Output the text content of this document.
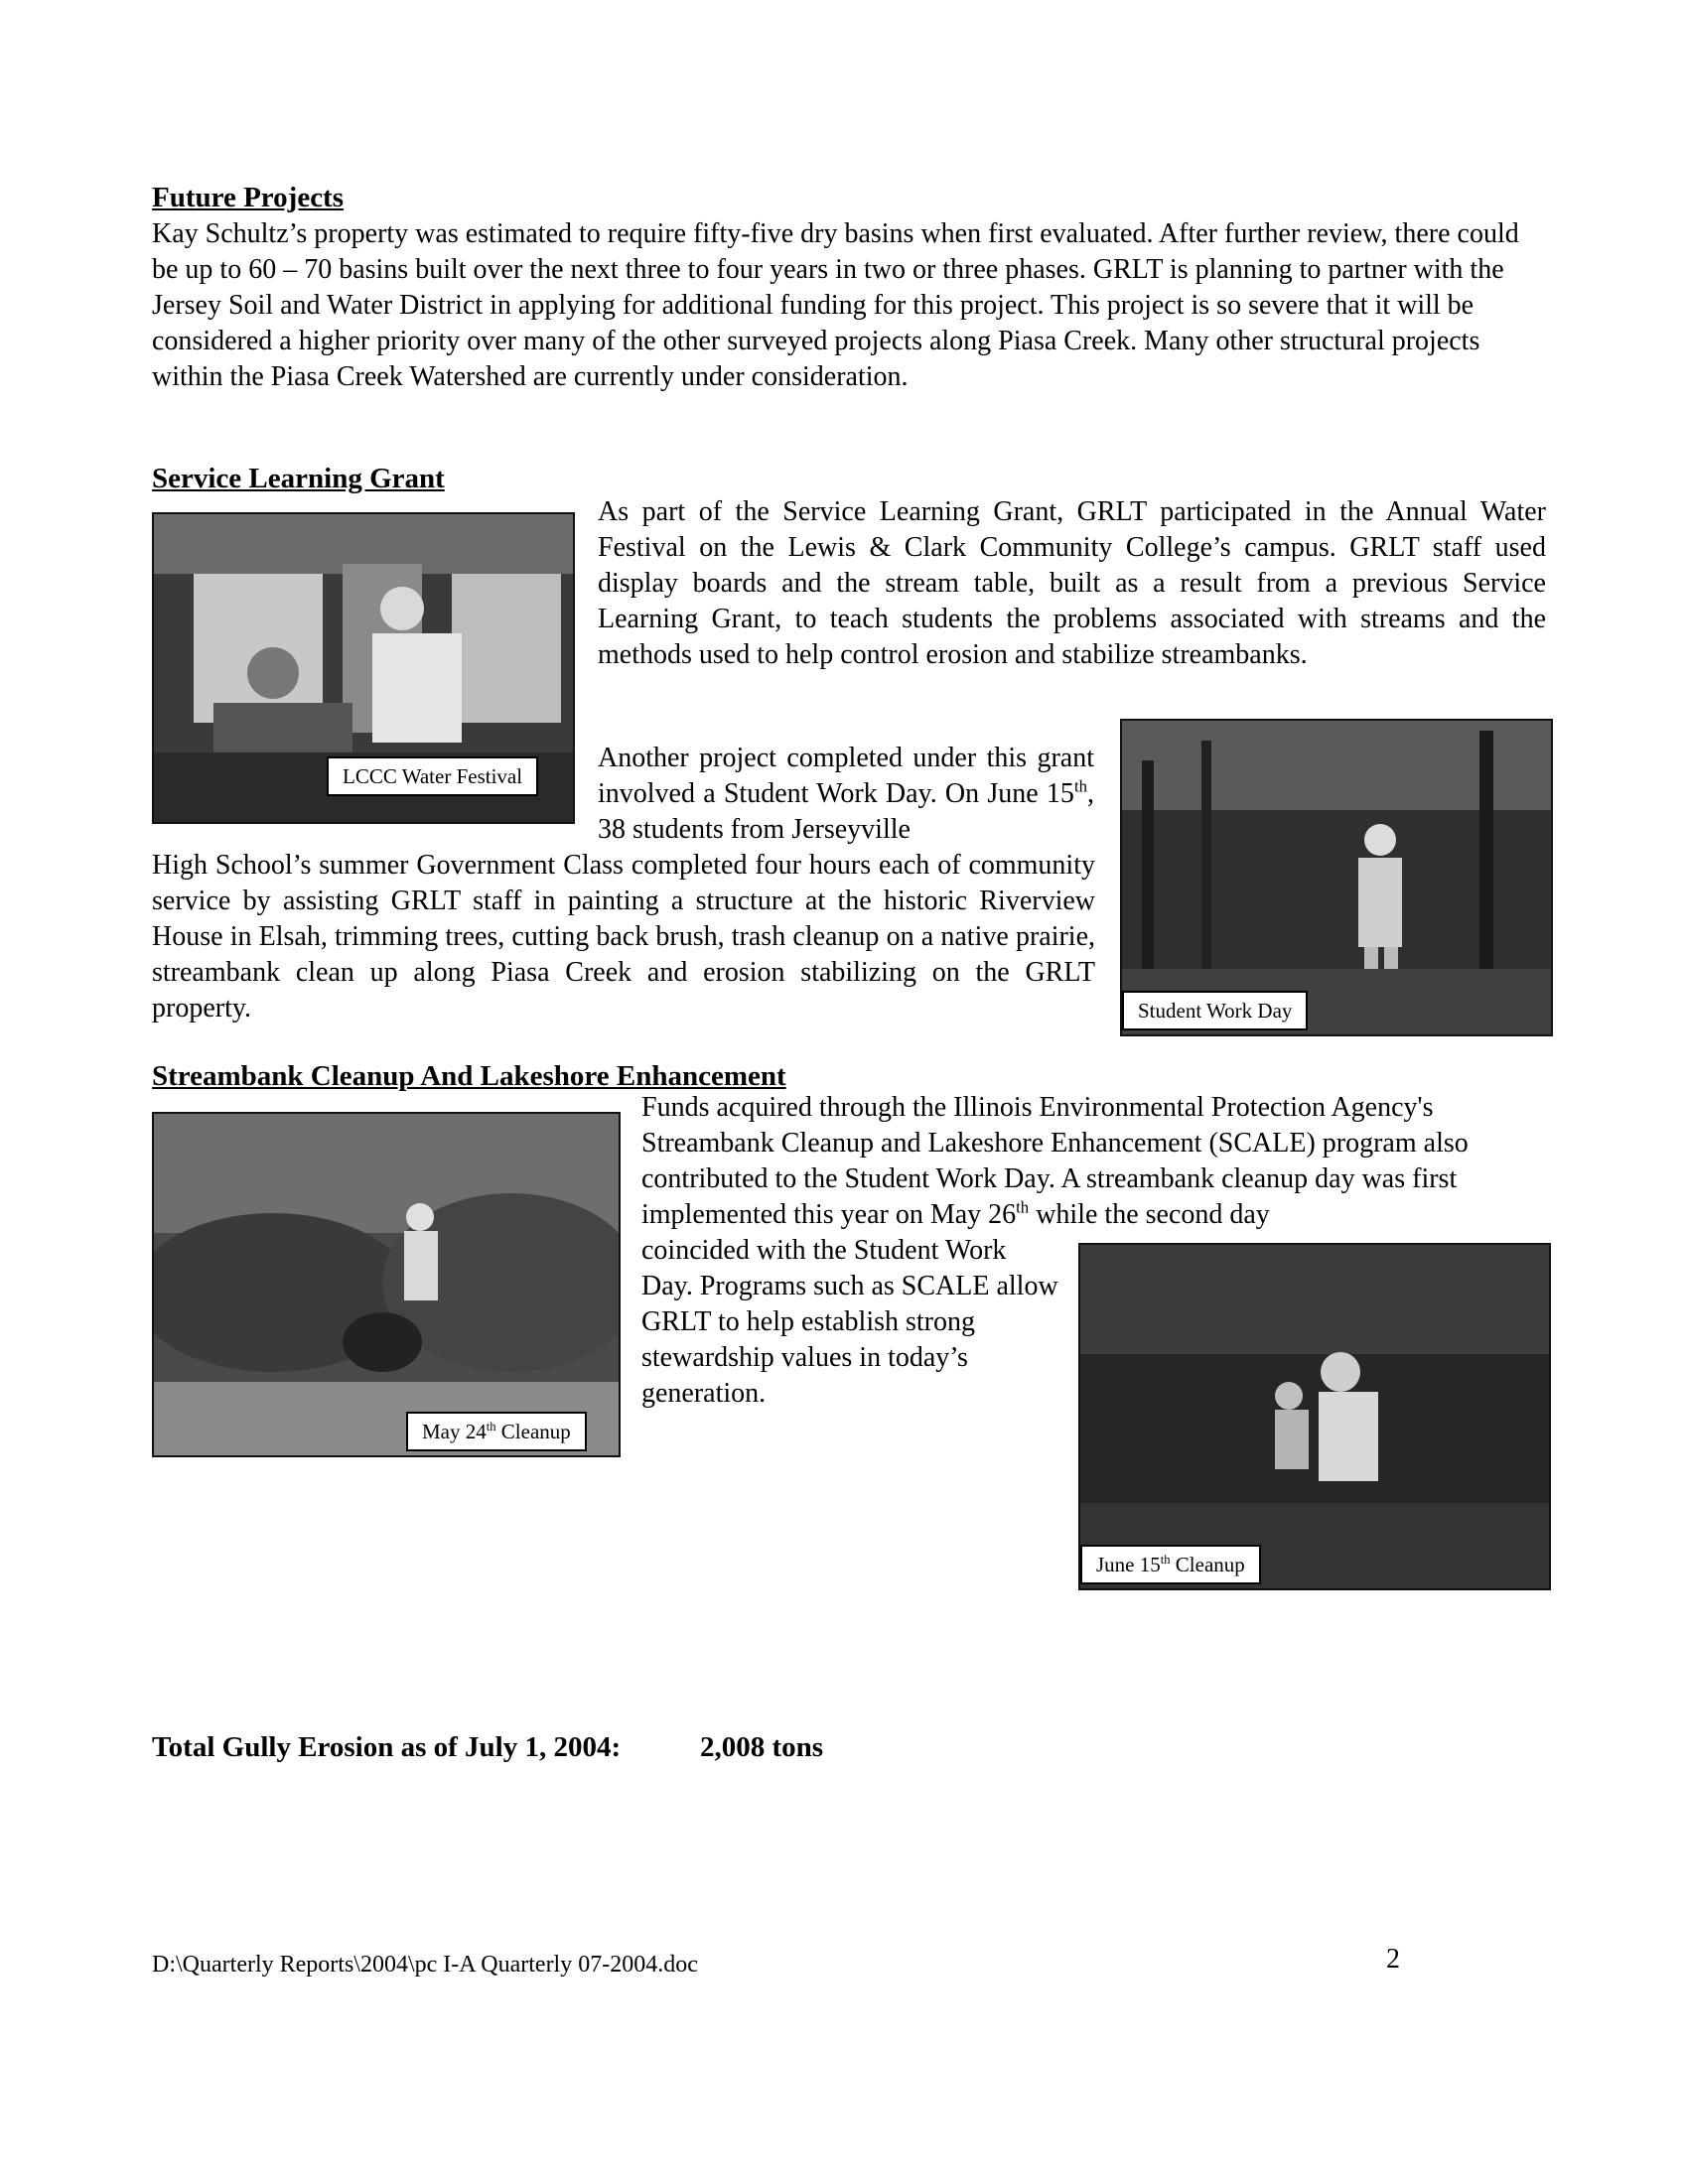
Future Projects
Kay Schultz’s property was estimated to require fifty-five dry basins when first evaluated. After further review, there could be up to 60 – 70 basins built over the next three to four years in two or three phases. GRLT is planning to partner with the Jersey Soil and Water District in applying for additional funding for this project. This project is so severe that it will be considered a higher priority over many of the other surveyed projects along Piasa Creek. Many other structural projects within the Piasa Creek Watershed are currently under consideration.
Service Learning Grant
LCCC Water Festival
As part of the Service Learning Grant, GRLT participated in the Annual Water Festival on the Lewis & Clark Community College’s campus. GRLT staff used display boards and the stream table, built as a result from a previous Service Learning Grant, to teach students the problems associated with streams and the methods used to help control erosion and stabilize streambanks.
Another project completed under this grant involved a Student Work Day. On June 15th, 38 students from Jerseyville
High School’s summer Government Class completed four hours each of community service by assisting GRLT staff in painting a structure at the historic Riverview House in Elsah, trimming trees, cutting back brush, trash cleanup on a native prairie, streambank clean up along Piasa Creek and erosion stabilizing on the GRLT property.	Student Work Day
Streambank Cleanup And Lakeshore Enhancement
May 24th Cleanup
Funds acquired through the Illinois Environmental Protection Agency's Streambank Cleanup and Lakeshore Enhancement (SCALE) program also contributed to the Student Work Day. A streambank cleanup day was first implemented this year on May 26th while the second day
coincided with the Student Work Day. Programs such as SCALE allow GRLT to help establish strong stewardship values in today’s generation.
June 15th Cleanup
Total Gully Erosion as of July 1, 2004:	2,008 tons
D:\Quarterly Reports\2004\pc I-A Quarterly 07-2004.doc	2
